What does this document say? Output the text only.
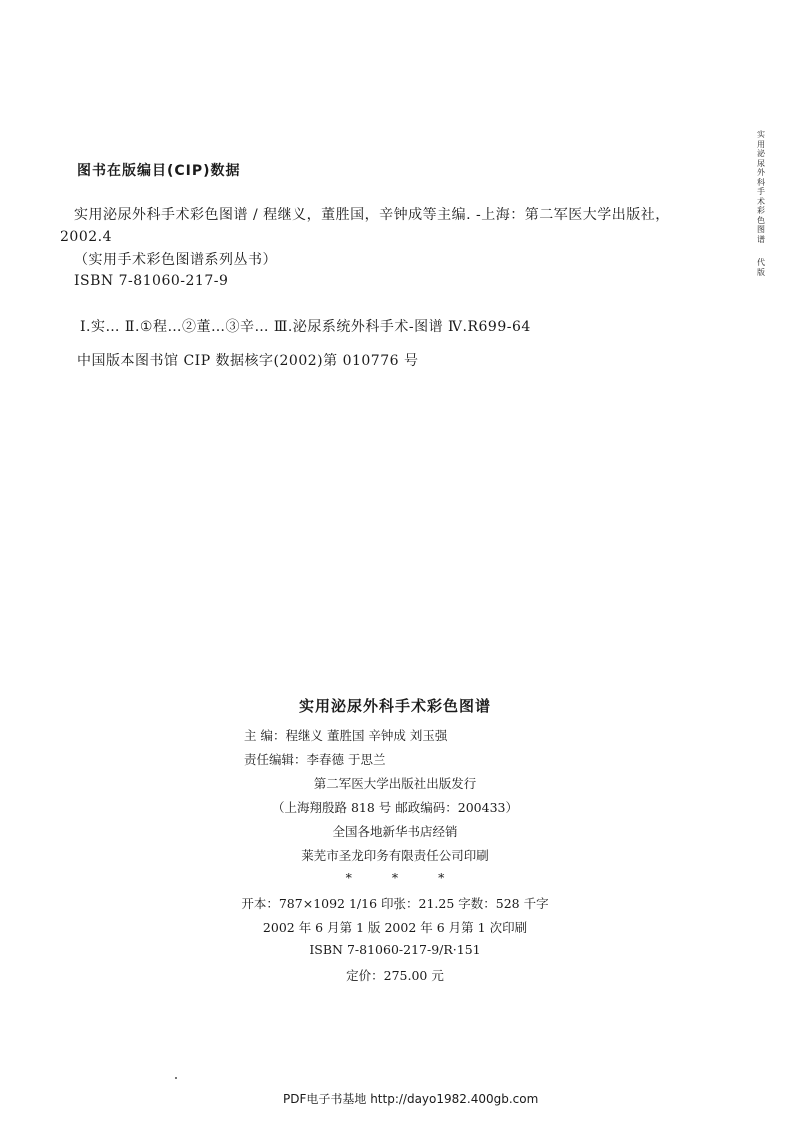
图书在版编目(CIP)数据
实用泌尿外科手术彩色图谱 / 程继义，董胜国，辛钟成等主编. -上海：第二军医大学出版社，
2002.4
（实用手术彩色图谱系列丛书）
ISBN 7-81060-217-9
Ⅰ.实… Ⅱ.①程…②董…③辛… Ⅲ.泌尿系统外科手术-图谱 Ⅳ.R699-64
中国版本图书馆 CIP 数据核字(2002)第 010776 号
实
用
泌
尿
外
科
手
术
彩
色
图
谱
代
版
实用泌尿外科手术彩色图谱
主 编：程继义 董胜国 辛钟成 刘玉强
责任编辑：李春德 于思兰
第二军医大学出版社出版发行
（上海翔殷路 818 号 邮政编码：200433）
全国各地新华书店经销
莱芜市圣龙印务有限责任公司印刷
* * *
开本：787×1092 1/16 印张：21.25 字数：528 千字
2002 年 6 月第 1 版 2002 年 6 月第 1 次印刷
ISBN 7-81060-217-9/R·151
定价：275.00 元
PDF电子书基地 http://dayo1982.400gb.com
